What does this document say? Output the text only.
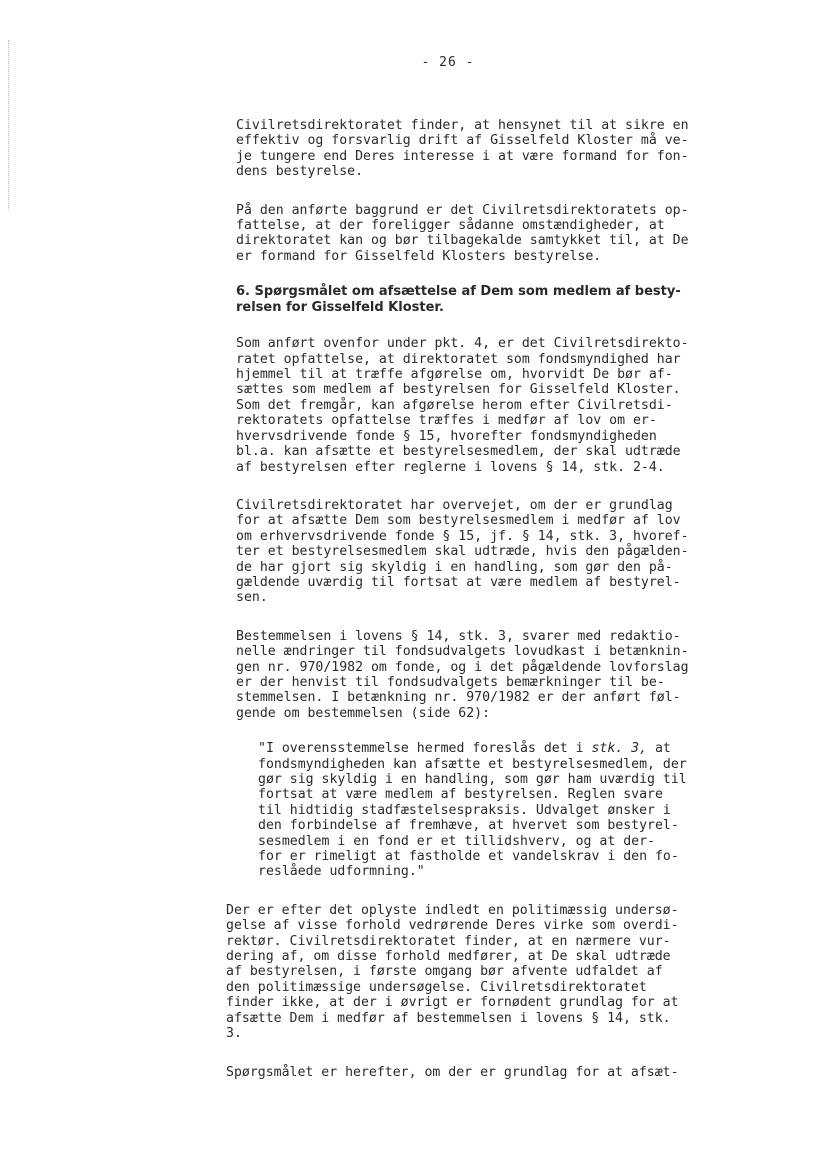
- 26 -

Civilretsdirektoratet finder, at hensynet til at sikre en
effektiv og forsvarlig drift af Gisselfeld Kloster må ve-
je tungere end Deres interesse i at være formand for fon-
dens bestyrelse.

På den anførte baggrund er det Civilretsdirektoratets op-
fattelse, at der foreligger sådanne omstændigheder, at
direktoratet kan og bør tilbagekalde samtykket til, at De
er formand for Gisselfeld Klosters bestyrelse.

6. Spørgsmålet om afsættelse af Dem som medlem af besty-
relsen for Gisselfeld Kloster.

Som anført ovenfor under pkt. 4, er det Civilretsdirekto-
ratet opfattelse, at direktoratet som fondsmyndighed har
hjemmel til at træffe afgørelse om, hvorvidt De bør af-
sættes som medlem af bestyrelsen for Gisselfeld Kloster.
Som det fremgår, kan afgørelse herom efter Civilretsdi-
rektoratets opfattelse træffes i medfør af lov om er-
hvervsdrivende fonde § 15, hvorefter fondsmyndigheden
bl.a. kan afsætte et bestyrelsesmedlem, der skal udtræde
af bestyrelsen efter reglerne i lovens § 14, stk. 2-4.

Civilretsdirektoratet har overvejet, om der er grundlag
for at afsætte Dem som bestyrelsesmedlem i medfør af lov
om erhvervsdrivende fonde § 15, jf. § 14, stk. 3, hvoref-
ter et bestyrelsesmedlem skal udtræde, hvis den pågælden-
de har gjort sig skyldig i en handling, som gør den på-
gældende uværdig til fortsat at være medlem af bestyrel-
sen.

Bestemmelsen i lovens § 14, stk. 3, svarer med redaktio-
nelle ændringer til fondsudvalgets lovudkast i betænknin-
gen nr. 970/1982 om fonde, og i det pågældende lovforslag
er der henvist til fondsudvalgets bemærkninger til be-
stemmelsen. I betænkning nr. 970/1982 er der anført føl-
gende om bestemmelsen (side 62):

"I overensstemmelse hermed foreslås det i stk. 3, at
fondsmyndigheden kan afsætte et bestyrelsesmedlem, der
gør sig skyldig i en handling, som gør ham uværdig til
fortsat at være medlem af bestyrelsen. Reglen svare
til hidtidig stadfæstelsespraksis. Udvalget ønsker i
den forbindelse af fremhæve, at hvervet som bestyrel-
sesmedlem i en fond er et tillidshverv, og at der-
for er rimeligt at fastholde et vandelskrav i den fo-
reslåede udformning."

Der er efter det oplyste indledt en politimæssig undersø-
gelse af visse forhold vedrørende Deres virke som overdi-
rektør. Civilretsdirektoratet finder, at en nærmere vur-
dering af, om disse forhold medfører, at De skal udtræde
af bestyrelsen, i første omgang bør afvente udfaldet af
den politimæssige undersøgelse. Civilretsdirektoratet
finder ikke, at der i øvrigt er fornødent grundlag for at
afsætte Dem i medfør af bestemmelsen i lovens § 14, stk.
3.

Spørgsmålet er herefter, om der er grundlag for at afsæt-
